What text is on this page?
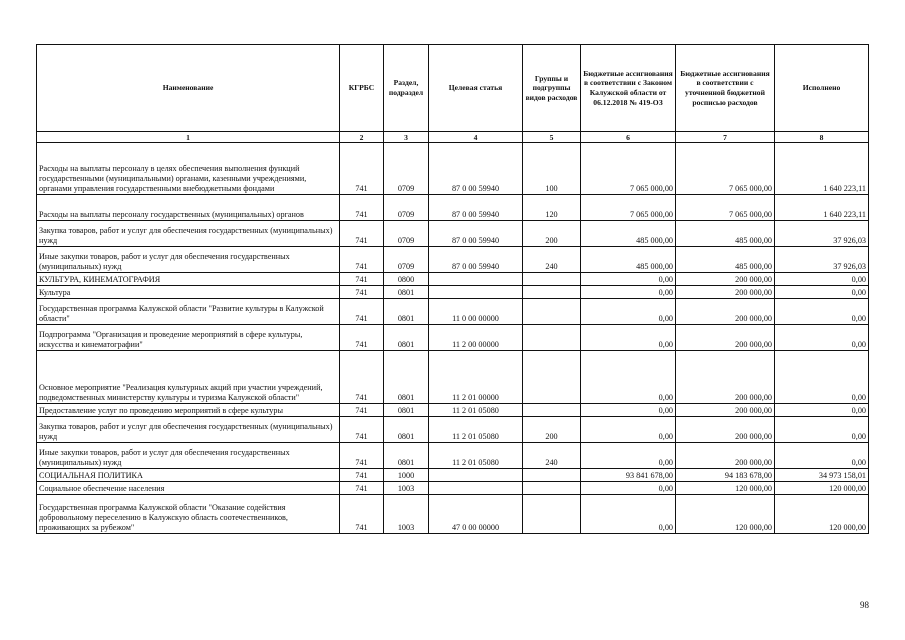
Наименование	КГРБС	Раздел, подраздел	Целевая статья	Группы и подгруппы видов расходов	Бюджетные ассигнования в соответствии с Законом Калужской области от 06.12.2018 № 419-ОЗ	Бюджетные ассигнования в соответствии с уточненной бюджетной росписью расходов	Исполнено
1	2	3	4	5	6	7	8
Расходы на выплаты персоналу в целях обеспечения выполнения функций государственными (муниципальными) органами, казенными учреждениями, органами управления государственными внебюджетными фондами	741	0709	87 0 00 59940	100	7 065 000,00	7 065 000,00	1 640 223,11
Расходы на выплаты персоналу государственных (муниципальных) органов	741	0709	87 0 00 59940	120	7 065 000,00	7 065 000,00	1 640 223,11
Закупка товаров, работ и услуг для обеспечения государственных (муниципальных) нужд	741	0709	87 0 00 59940	200	485 000,00	485 000,00	37 926,03
Иные закупки товаров, работ и услуг для обеспечения государственных (муниципальных) нужд	741	0709	87 0 00 59940	240	485 000,00	485 000,00	37 926,03
КУЛЬТУРА, КИНЕМАТОГРАФИЯ	741	0800			0,00	200 000,00	0,00
Культура	741	0801			0,00	200 000,00	0,00
Государственная программа Калужской области "Развитие культуры в Калужской области"	741	0801	11 0 00 00000		0,00	200 000,00	0,00
Подпрограмма "Организация и проведение мероприятий в сфере культуры, искусства и кинематографии"	741	0801	11 2 00 00000		0,00	200 000,00	0,00
Основное мероприятие "Реализация культурных акций при участии учреждений, подведомственных министерству культуры и туризма Калужской области"	741	0801	11 2 01 00000		0,00	200 000,00	0,00
Предоставление услуг по проведению мероприятий в сфере культуры	741	0801	11 2 01 05080		0,00	200 000,00	0,00
Закупка товаров, работ и услуг для обеспечения государственных (муниципальных) нужд	741	0801	11 2 01 05080	200	0,00	200 000,00	0,00
Иные закупки товаров, работ и услуг для обеспечения государственных (муниципальных) нужд	741	0801	11 2 01 05080	240	0,00	200 000,00	0,00
СОЦИАЛЬНАЯ ПОЛИТИКА	741	1000			93 841 678,00	94 183 678,00	34 973 158,01
Социальное обеспечение населения	741	1003			0,00	120 000,00	120 000,00
Государственная программа Калужской области "Оказание содействия добровольному переселению в Калужскую область соотечественников, проживающих за рубежом"	741	1003	47 0 00 00000		0,00	120 000,00	120 000,00
98
